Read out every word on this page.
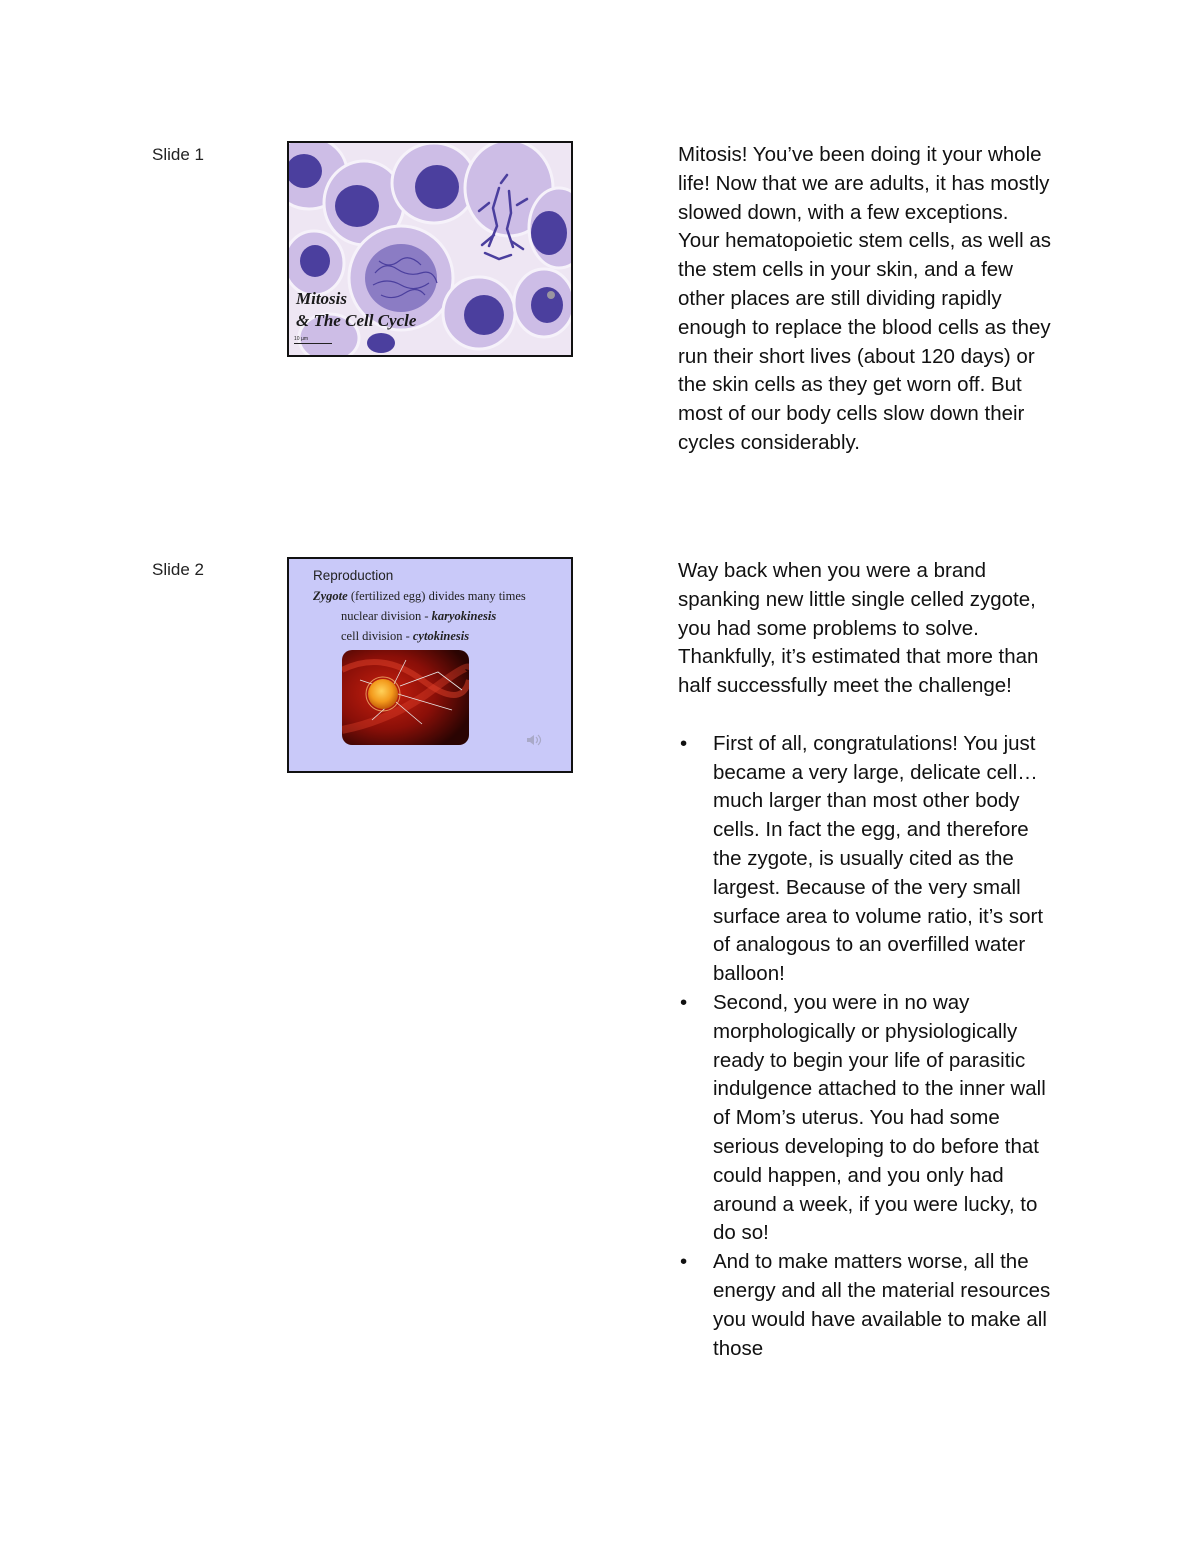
Slide 1
Mitosis
& The Cell Cycle
10 µm

Mitosis! You’ve been doing it your whole life! Now that we are adults, it has mostly slowed down, with a few exceptions. Your hematopoietic stem cells, as well as the stem cells in your skin, and a few other places are still dividing rapidly enough to replace the blood cells as they run their short lives (about 120 days) or the skin cells as they get worn off. But most of our body cells slow down their cycles considerably.

Slide 2	Reproduction
Zygote (fertilized egg) divides many times
nuclear division - karyokinesis
cell division - cytokinesis

Way back when you were a brand spanking new little single celled zygote, you had some problems to solve. Thankfully, it’s estimated that more than half successfully meet the challenge!

• First of all, congratulations! You just became a very large, delicate cell… much larger than most other body cells. In fact the egg, and therefore the zygote, is usually cited as the largest. Because of the very small surface area to volume ratio, it’s sort of analogous to an overfilled water balloon!
• Second, you were in no way morphologically or physiologically ready to begin your life of parasitic indulgence attached to the inner wall of Mom’s uterus. You had some serious developing to do before that could happen, and you only had around a week, if you were lucky, to do so!
• And to make matters worse, all the energy and all the material resources you would have available to make all those
